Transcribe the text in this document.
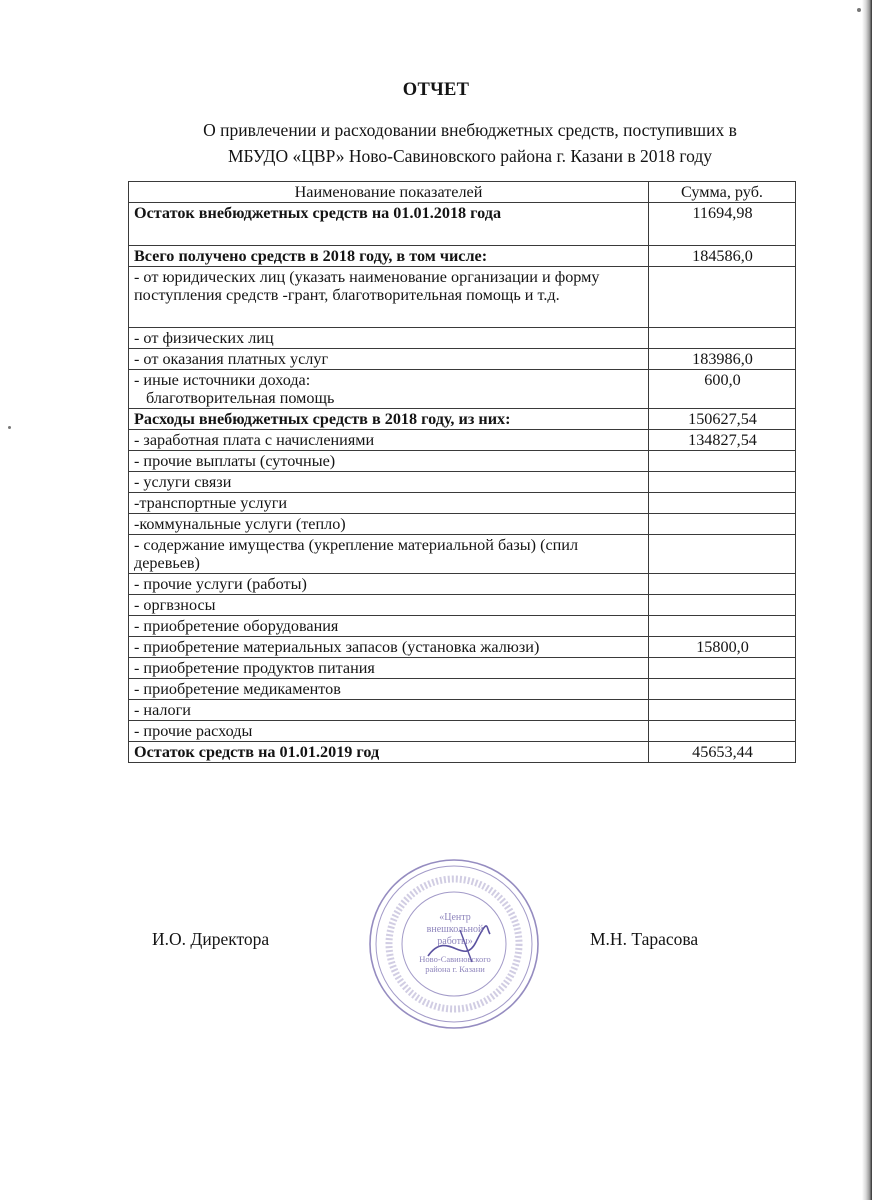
ОТЧЕТ
О привлечении и расходовании внебюджетных средств, поступивших в
МБУДО «ЦВР» Ново-Савиновского района г. Казани в 2018 году
Наименование показателей	Сумма, руб.
Остаток внебюджетных средств на 01.01.2018 года	11694,98
Всего получено средств в 2018 году, в том числе:	184586,0
- от юридических лиц (указать наименование организации и форму поступления средств -грант, благотворительная помощь и т.д.	
- от физических лиц	
- от оказания платных услуг	183986,0
- иные источники дохода:
благотворительная помощь	600,0
Расходы внебюджетных средств в 2018 году, из них:	150627,54
- заработная плата с начислениями	134827,54
- прочие выплаты (суточные)	
- услуги связи	
-транспортные услуги	
-коммунальные услуги (тепло)	
- содержание имущества (укрепление материальной базы) (спил деревьев)	
- прочие услуги (работы)	
- оргвзносы	
- приобретение оборудования	
- приобретение материальных запасов (установка жалюзи)	15800,0
- приобретение продуктов питания	
- приобретение медикаментов	
- налоги	
- прочие расходы	
Остаток средств на 01.01.2019 год	45653,44
И.О. Директора	М.Н. Тарасова
«Центр внешкольной работы»
Ново-Савиновского района г. Казани
